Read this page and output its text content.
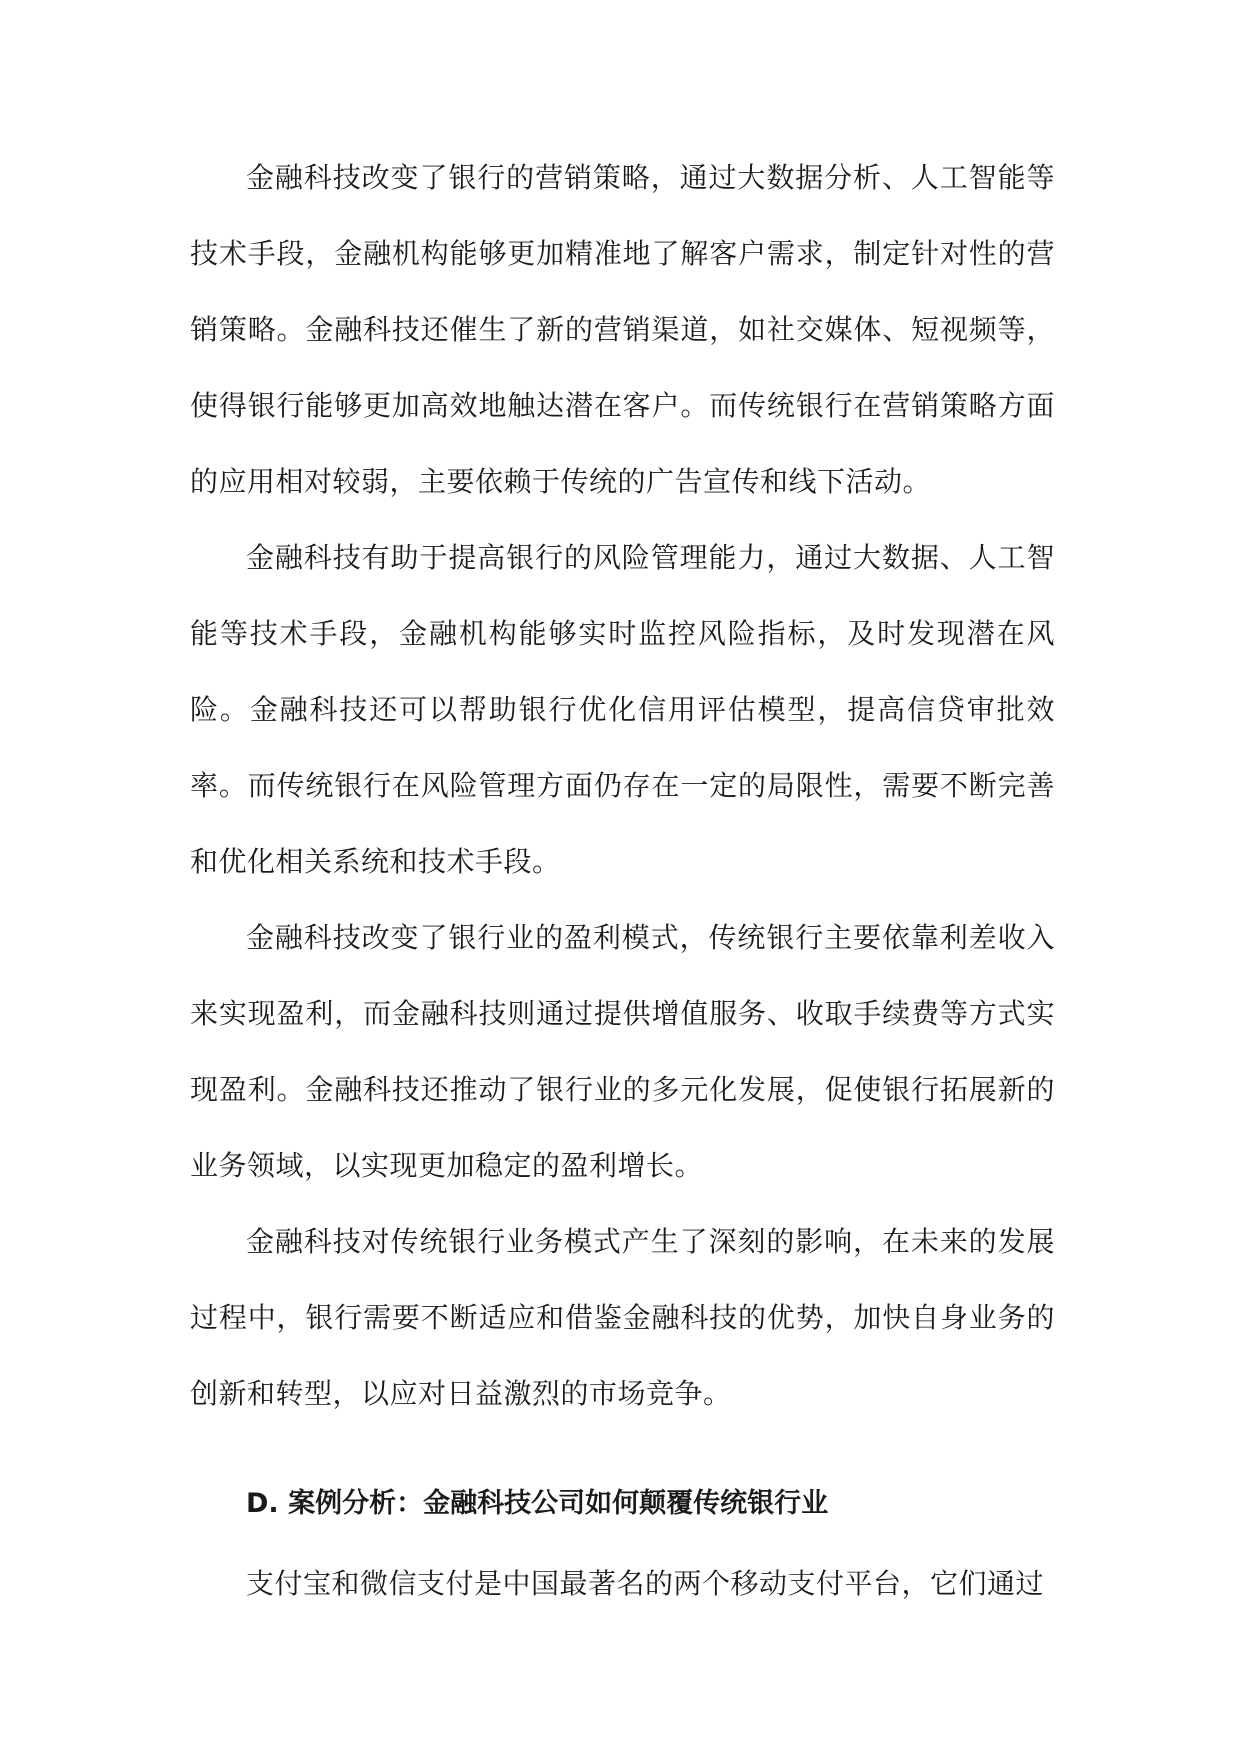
金融科技改变了银行的营销策略，通过大数据分析、人工智能等技术手段，金融机构能够更加精准地了解客户需求，制定针对性的营销策略。金融科技还催生了新的营销渠道，如社交媒体、短视频等，使得银行能够更加高效地触达潜在客户。而传统银行在营销策略方面的应用相对较弱，主要依赖于传统的广告宣传和线下活动。

金融科技有助于提高银行的风险管理能力，通过大数据、人工智能等技术手段，金融机构能够实时监控风险指标，及时发现潜在风险。金融科技还可以帮助银行优化信用评估模型，提高信贷审批效率。而传统银行在风险管理方面仍存在一定的局限性，需要不断完善和优化相关系统和技术手段。

金融科技改变了银行业的盈利模式，传统银行主要依靠利差收入来实现盈利，而金融科技则通过提供增值服务、收取手续费等方式实现盈利。金融科技还推动了银行业的多元化发展，促使银行拓展新的业务领域，以实现更加稳定的盈利增长。

金融科技对传统银行业务模式产生了深刻的影响，在未来的发展过程中，银行需要不断适应和借鉴金融科技的优势，加快自身业务的创新和转型，以应对日益激烈的市场竞争。

D. 案例分析：金融科技公司如何颠覆传统银行业

支付宝和微信支付是中国最著名的两个移动支付平台，它们通过
